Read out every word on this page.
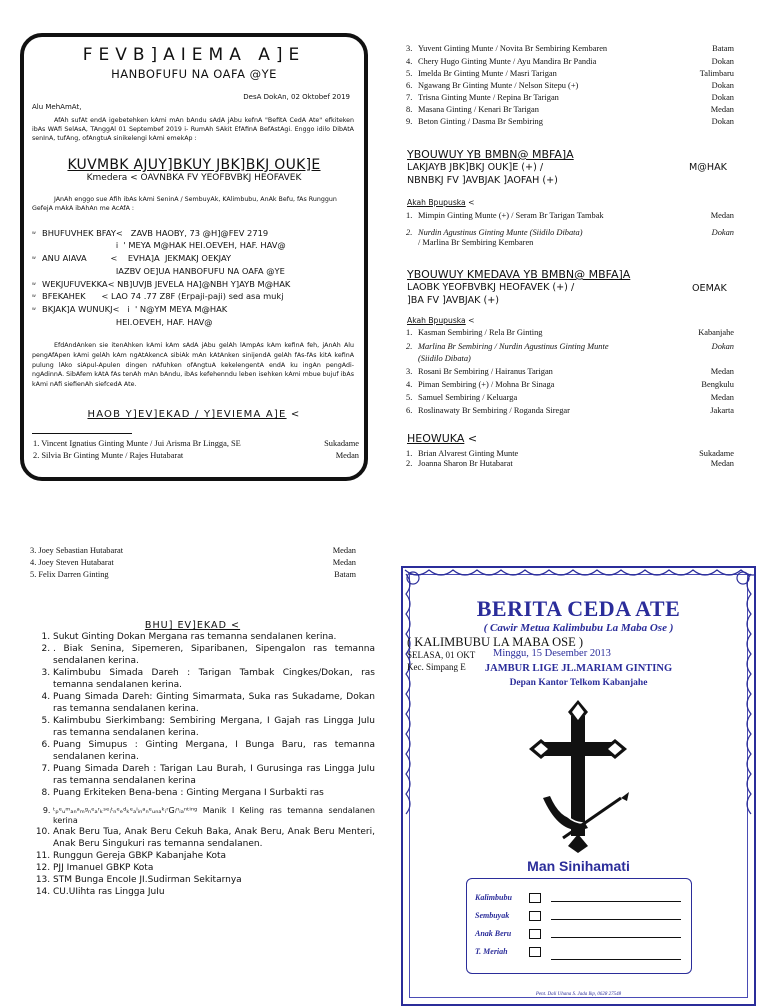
FEVB]AIEMA A]E
HANBOFUFU NA OAFA @YE
DesA DokAn, 02 Oktobef 2019
Alu MehAmAt,
AfAh sufAt endA igebetehken kAmi mAn bAndu sAdA jAbu kefnA "BefitA CedA Ate" efkiteken ibAs WAfi SelAsA, TAnggAl 01 Septembef 2019 i- RumAh SAkit EfAfinA BefAstAgi. Enggo idilo DibAtA senInA, tufAng, ofAngtuA sinikelengi kAmi emekAp :
KUVMBK AJUY]BKUY JBK]BKJ OUK]E
Kmedera < OAVNBKA FV YEOFBVBKJ HEOFAVEK
JAnAh enggo sue Afih ibAs kAmi SeninA / SembuyAk, KAlimbubu, AnAk Befu, fAs Runggun GefejA mAkA ibAhAn me AcAfA :
ᵂ BHUFUVHEK BFAY<   ZAVB HAOBY, 73 @H]@FEV 2719
i  ' MEYA M@HAK HEI.OEVEH, HAF. HAV@
ᵂ ANU AIAVA         <    EVHA]A  JEKMAKJ OEKJAY
IAZBV OE]UA HANBOFUFU NA OAFA @YE
ᵂ WEKJUFUVEKKA< NB]UVJB JEVELA HA]@NBH Y]AYB M@HAK
ᵂ BFEKAHEK      < LAO 74 .77 Z8F (Erpaji-paji) sed asa mukj
ᵂ BKJAK]A WUNUKJ<   i  ' N@YM MEYA M@HAK
HEI.OEVEH, HAF. HAV@
EfdAndAnken sie itenAhken kAmi kAm sAdA jAbu gelAh lAmpAs kAm kefinA feh, jAnAh Alu pengAfApen kAmi gelAh kAm ngAtAkencA sibiAk mAn kAtAnken sinijendA gelAh fAs-fAs kitA kefinA pulung lAko siApul-Apulen dingen nAfuhken ofAngtuA kekelengentA endA ku ingAn pengAdi-ngAdinnA. SibAfem kAtA fAs tenAh mAn bAndu, ibAs kefehenndu leben isehken kAmi mbue bujuf ibAs kAmi nAfi siefienAh siefcedA Ate.
HAOB Y]EV]EKAD / Y]EVIEMA A]E <
1. Vincent Ignatius Ginting Munte / Jui Arisma Br Lingga, SE	Sukadame
2. Silvia Br Ginting Munte / Rajes Hutabarat	Medan
3. Yuvent Ginting Munte / Novita Br Sembiring Kembaren	Batam
4. Chery Hugo Ginting Munte / Ayu Mandira Br Pandia	Dokan
5. Imelda Br Ginting Munte / Masri Tarigan	Talimbaru
6. Ngawang Br Ginting Munte / Nelson Sitepu (+)	Dokan
7. Trisna Ginting Munte / Repina Br Tarigan	Dokan
8. Masana Ginting / Kenari Br Tarigan	Medan
9. Beton Ginting / Dasma Br Sembiring	Dokan
YBOUWUY YB BMBN@ MBFA]A
LAKJAYB JBK]BKJ OUK]E (+) /
NBNBKJ FV ]AVBJAK ]AOFAH (+)
M@HAK
Akah Bpupuska <
1. Mimpin Ginting Munte (+) / Seram Br Tarigan Tambak	Medan
2. Nurdin Agustinus Ginting Munte (Siidilo Dibata)	Dokan
/ Marlina Br Sembiring Kembaren
YBOUWUY KMEDAVA YB BMBN@ MBFA]A
LAOBK YEOFBVBKJ HEOFAVEK (+) /
]BA FV ]AVBJAK (+)
OEMAK
Akah Bpupuska <
1. Kasman Sembiring / Rela Br Ginting	Kabanjahe
2. Marlina Br Sembiring / Nurdin Agustinus Ginting Munte	Dokan
(Siidilo Dibata)
3. Rosani Br Sembiring / Hairanus Tarigan	Medan
4. Piman Sembiring (+) / Mohna Br Sinaga	Bengkulu
5. Samuel Sembiring / Keluarga	Medan
6. Roslinawaty Br Sembiring / Roganda Siregar	Jakarta
HEOWUKA <
1. Brian Alvarest Ginting Munte	Sukadame
2. Joanna Sharon Br Hutabarat	Medan
3. Joey Sebastian Hutabarat	Medan
4. Joey Steven Hutabarat	Medan
5. Felix Darren Ginting	Batam
BHU] EV]EKAD <
1. Sukut Ginting Dokan Mergana ras temanna sendaIanen kerina.
2. . Biak Senina, Sipemeren, Siparibanen, Sipengalon ras temanna sendaIanen kerina.
3. KaIimbubu Simada Dareh : Tarigan Tambak Cingkes/Dokan, ras temanna sendaIanen kerina.
4. Puang Simada Dareh: Ginting Simarmata, Suka ras Sukadame, Dokan ras temanna sendaIanen kerina.
5. KaIimbubu Sierkimbang: Sembiring Mergana, I Gajah ras Lingga JuIu ras temanna sendaIanen kerina.
6. Puang Simupus : Ginting Mergana, I Bunga Baru, ras temanna sendaIanen kerina.
7. Puang Simada Dareh : Tarigan Lau Burah, I Gurusinga ras Lingga JuIu ras temanna sendaIanen kerina
8. Puang Erkiteken Bena-bena : Ginting Mergana I Surbakti ras
9. ᵗₚᵉᵤᵐₐₙᵃₘᵍₙᵉₐʳₖˢᵉᵢᵗₙᵉₑᵈₖᵉₐᴵᵢₙᵃₙᵉᵤₙₐᵏᵢʳGᵢⁿᵢₐⁿᵗⁱⁿᵍ Manik I Keling ras temanna sendaIanen kerina
10. Anak Beru Tua, Anak Beru Cekuh Baka, Anak Beru, Anak Beru Menteri, Anak Beru Singukuri ras temanna sendaIanen.
11. Runggun Gereja GBKP Kabanjahe Kota
12. PJJ ImanueI GBKP Kota
13. STM Bunga EncoIe JI.Sudirman Sekitarnya
14. CU.UIihta ras Lingga JuIu
BERITA CEDA ATE
( Cawir Metua Kalimbubu La Maba Ose )
Minggu, 15 Desember 2013
( KALIMBUBU LA MABA OSE )
SELASA, 01 OKT
Kec. Simpang E	JAMBUR LIGE JL.MARIAM GINTING
Depan Kantor Telkom Kabanjahe
Man Sinihamati
Kalimbubu
Sembuyak
Anak Beru
T. Meriah
Pent. Dali Uhana S. Jada Ikp, 0628 27548
